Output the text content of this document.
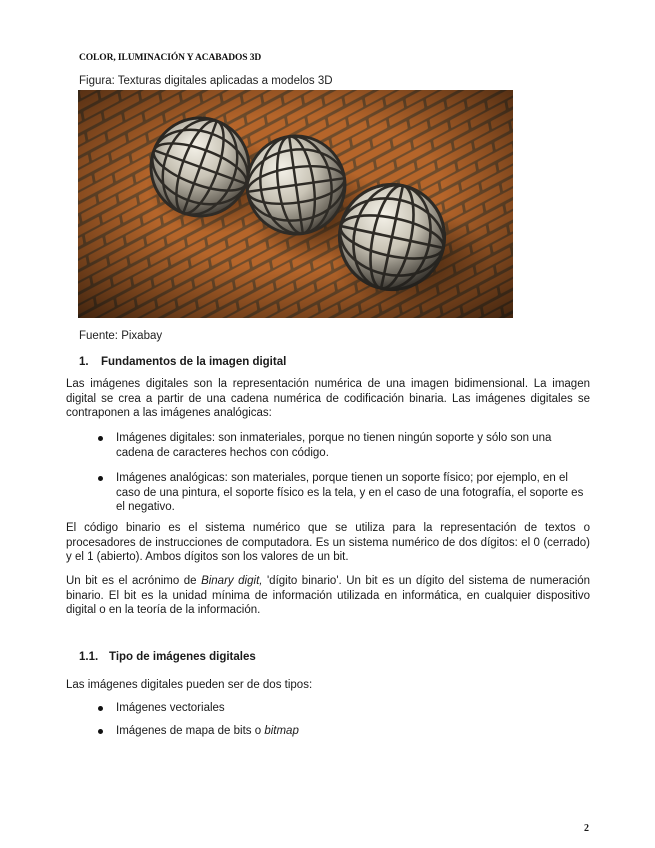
COLOR, ILUMINACIÓN Y ACABADOS 3D
Figura: Texturas digitales aplicadas a modelos 3D
Fuente: Pixabay
1. Fundamentos de la imagen digital

Las imágenes digitales son la representación numérica de una imagen bidimensional. La imagen digital se crea a partir de una cadena numérica de codificación binaria. Las imágenes digitales se contraponen a las imágenes analógicas:

Imágenes digitales: son inmateriales, porque no tienen ningún soporte y sólo son una cadena de caracteres hechos con código.

Imágenes analógicas: son materiales, porque tienen un soporte físico; por ejemplo, en el caso de una pintura, el soporte físico es la tela, y en el caso de una fotografía, el soporte es el negativo.

El código binario es el sistema numérico que se utiliza para la representación de textos o procesadores de instrucciones de computadora. Es un sistema numérico de dos dígitos: el 0 (cerrado) y el 1 (abierto). Ambos dígitos son los valores de un bit.

Un bit es el acrónimo de Binary digit, 'dígito binario'. Un bit es un dígito del sistema de numeración binario. El bit es la unidad mínima de información utilizada en informática, en cualquier dispositivo digital o en la teoría de la información.

1.1. Tipo de imágenes digitales

Las imágenes digitales pueden ser de dos tipos:

Imágenes vectoriales

Imágenes de mapa de bits o bitmap

2
